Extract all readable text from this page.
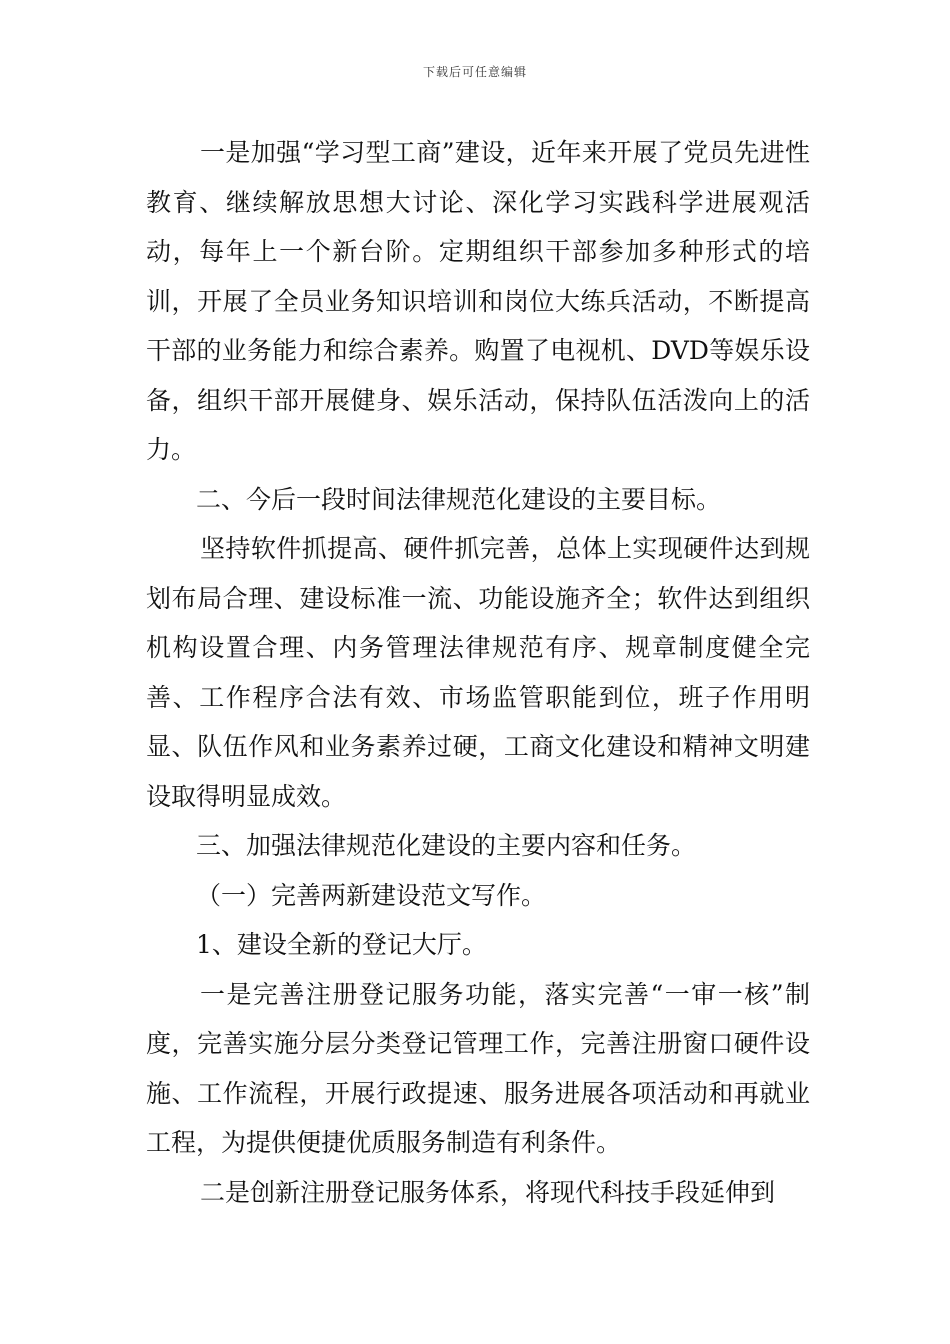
下载后可任意编辑

一是加强“学习型工商”建设，近年来开展了党员先进性教育、继续解放思想大讨论、深化学习实践科学进展观活动，每年上一个新台阶。定期组织干部参加多种形式的培训，开展了全员业务知识培训和岗位大练兵活动，不断提高干部的业务能力和综合素养。购置了电视机、DVD等娱乐设备，组织干部开展健身、娱乐活动，保持队伍活泼向上的活力。

二、今后一段时间法律规范化建设的主要目标。

坚持软件抓提高、硬件抓完善，总体上实现硬件达到规划布局合理、建设标准一流、功能设施齐全；软件达到组织机构设置合理、内务管理法律规范有序、规章制度健全完善、工作程序合法有效、市场监管职能到位，班子作用明显、队伍作风和业务素养过硬，工商文化建设和精神文明建设取得明显成效。

三、加强法律规范化建设的主要内容和任务。

（一）完善两新建设范文写作。

1、建设全新的登记大厅。

一是完善注册登记服务功能，落实完善“一审一核”制度，完善实施分层分类登记管理工作，完善注册窗口硬件设施、工作流程，开展行政提速、服务进展各项活动和再就业工程，为提供便捷优质服务制造有利条件。

二是创新注册登记服务体系，将现代科技手段延伸到
